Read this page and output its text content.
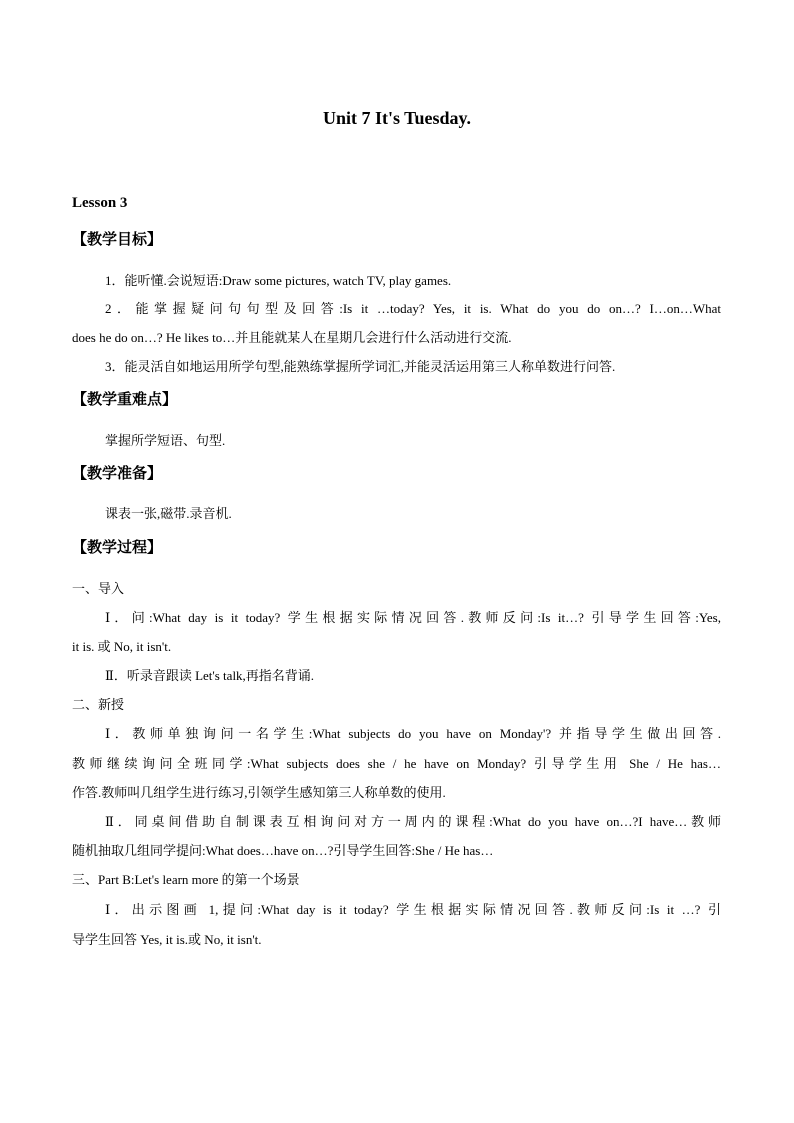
Unit 7 It's Tuesday.
Lesson 3
【教学目标】
1．能听懂.会说短语:Draw some pictures, watch TV, play games.
2．能掌握疑问句句型及回答:Is it …today? Yes, it is. What do you do on…? I…on…What
does he do on…? He likes to…并且能就某人在星期几会进行什么活动进行交流.
3．能灵活自如地运用所学句型,能熟练掌握所学词汇,并能灵活运用第三人称单数进行问答.
【教学重难点】
掌握所学短语、句型.
【教学准备】
课表一张,磁带.录音机.
【教学过程】
一、导入
Ⅰ．问:What day is it today? 学生根据实际情况回答.教师反问:Is it…? 引导学生回答:Yes,
it is. 或 No, it isn't.
Ⅱ．听录音跟读 Let's talk,再指名背诵.
二、新授
Ⅰ．教师单独询问一名学生:What subjects do you have on Monday'? 并指导学生做出回答.
教师继续询问全班同学:What subjects does she / he have on Monday? 引导学生用 She / He has…
作答.教师叫几组学生进行练习,引领学生感知第三人称单数的使用.
Ⅱ．同桌间借助自制课表互相询问对方一周内的课程:What do you have on…?I have…教师
随机抽取几组同学提问:What does…have on…?引导学生回答:She / He has…
三、Part B:Let's learn more 的第一个场景
Ⅰ．出示图画 1,提问:What day is it today? 学生根据实际情况回答.教师反问:Is it …? 引
导学生回答 Yes, it is.或 No, it isn't.
